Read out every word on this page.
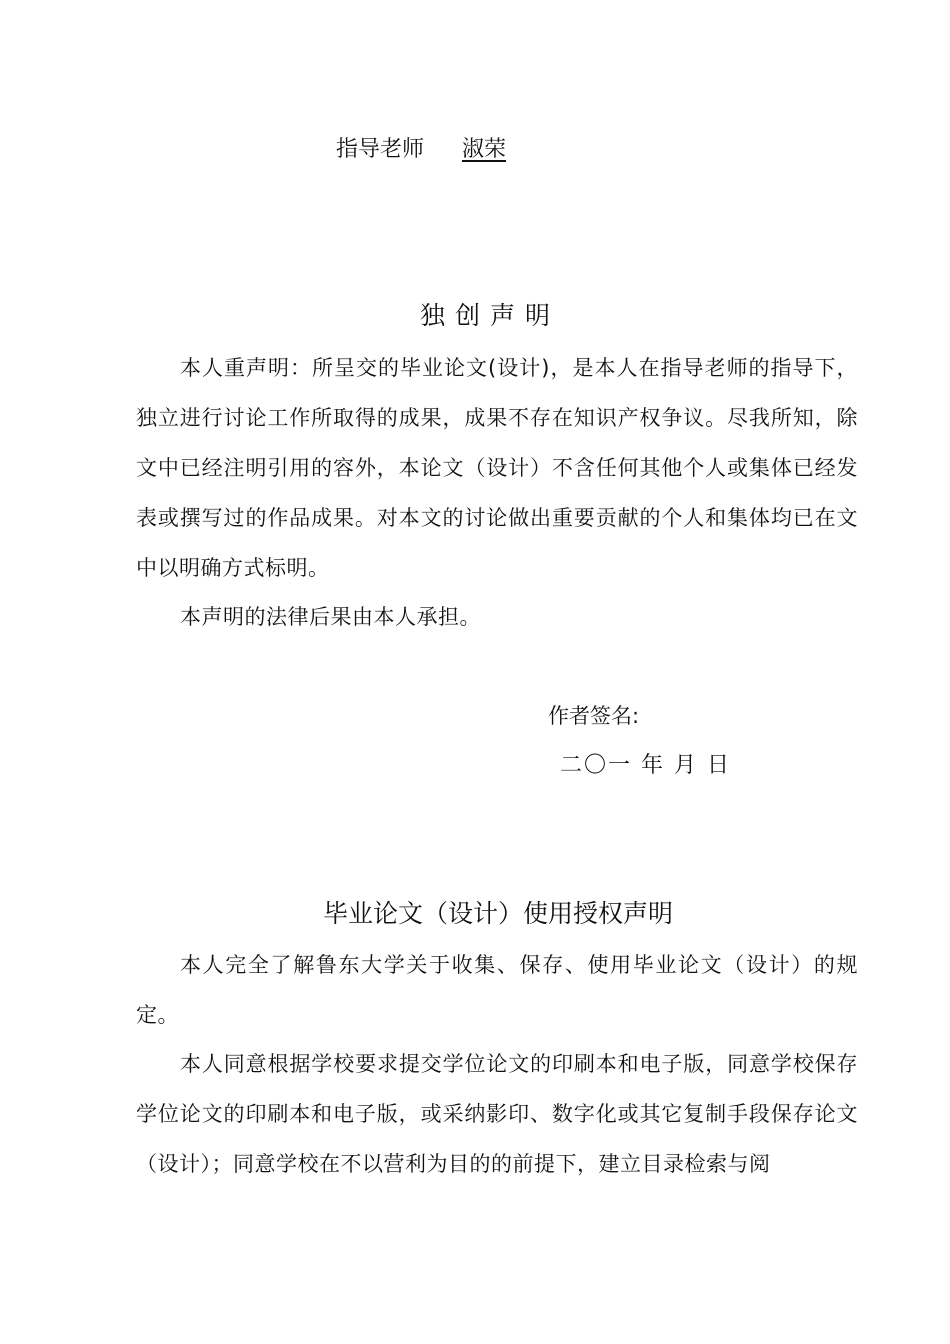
指导老师 淑荣
独创声明

本人重声明：所呈交的毕业论文(设计)，是本人在指导老师的指导下，独立进行讨论工作所取得的成果，成果不存在知识产权争议。尽我所知，除文中已经注明引用的容外，本论文（设计）不含任何其他个人或集体已经发表或撰写过的作品成果。对本文的讨论做出重要贡献的个人和集体均已在文中以明确方式标明。

本声明的法律后果由本人承担。

作者签名:
二〇一 年 月 日
毕业论文（设计）使用授权声明

本人完全了解鲁东大学关于收集、保存、使用毕业论文（设计）的规定。

本人同意根据学校要求提交学位论文的印刷本和电子版，同意学校保存学位论文的印刷本和电子版，或采纳影印、数字化或其它复制手段保存论文（设计）；同意学校在不以营利为目的的前提下，建立目录检索与阅
